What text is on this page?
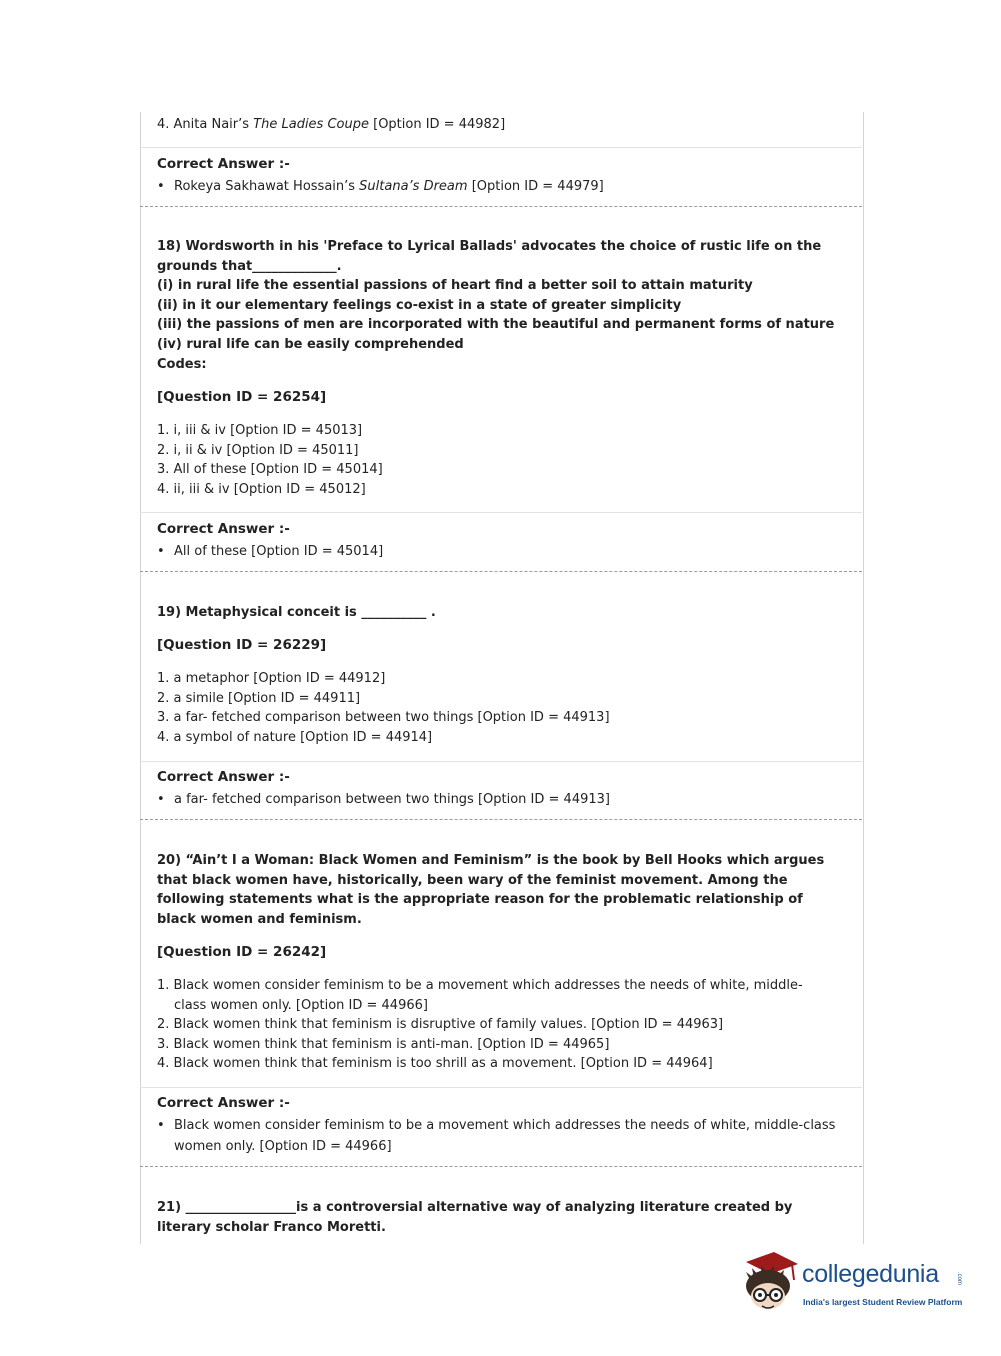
4. Anita Nair’s The Ladies Coupe [Option ID = 44982]

Correct Answer :-
• Rokeya Sakhawat Hossain’s Sultana’s Dream [Option ID = 44979]
18) Wordsworth in his 'Preface to Lyrical Ballads' advocates the choice of rustic life on the grounds that_____________.
(i) in rural life the essential passions of heart find a better soil to attain maturity
(ii) in it our elementary feelings co-exist in a state of greater simplicity
(iii) the passions of men are incorporated with the beautiful and permanent forms of nature
(iv) rural life can be easily comprehended
Codes:
[Question ID = 26254]

1. i, iii & iv [Option ID = 45013]

2. i, ii & iv [Option ID = 45011]

3. All of these [Option ID = 45014]

4. ii, iii & iv [Option ID = 45012]

Correct Answer :-
• All of these [Option ID = 45014]
19) Metaphysical conceit is __________ .
[Question ID = 26229]

1. a metaphor [Option ID = 44912]

2. a simile [Option ID = 44911]

3. a far- fetched comparison between two things [Option ID = 44913]

4. a symbol of nature [Option ID = 44914]

Correct Answer :-
• a far- fetched comparison between two things [Option ID = 44913]
20) “Ain’t I a Woman: Black Women and Feminism” is the book by Bell Hooks which argues that black women have, historically, been wary of the feminist movement. Among the following statements what is the appropriate reason for the problematic relationship of black women and feminism.
[Question ID = 26242]

1. Black women consider feminism to be a movement which addresses the needs of white, middle-class women only. [Option ID = 44966]

2. Black women think that feminism is disruptive of family values. [Option ID = 44963]

3. Black women think that feminism is anti-man. [Option ID = 44965]

4. Black women think that feminism is too shrill as a movement. [Option ID = 44964]

Correct Answer :-
• Black women consider feminism to be a movement which addresses the needs of white, middle-class women only. [Option ID = 44966]
21) _________________is a controversial alternative way of analyzing literature created by literary scholar Franco Moretti.
collegedunia	.com
India's largest Student Review Platform
